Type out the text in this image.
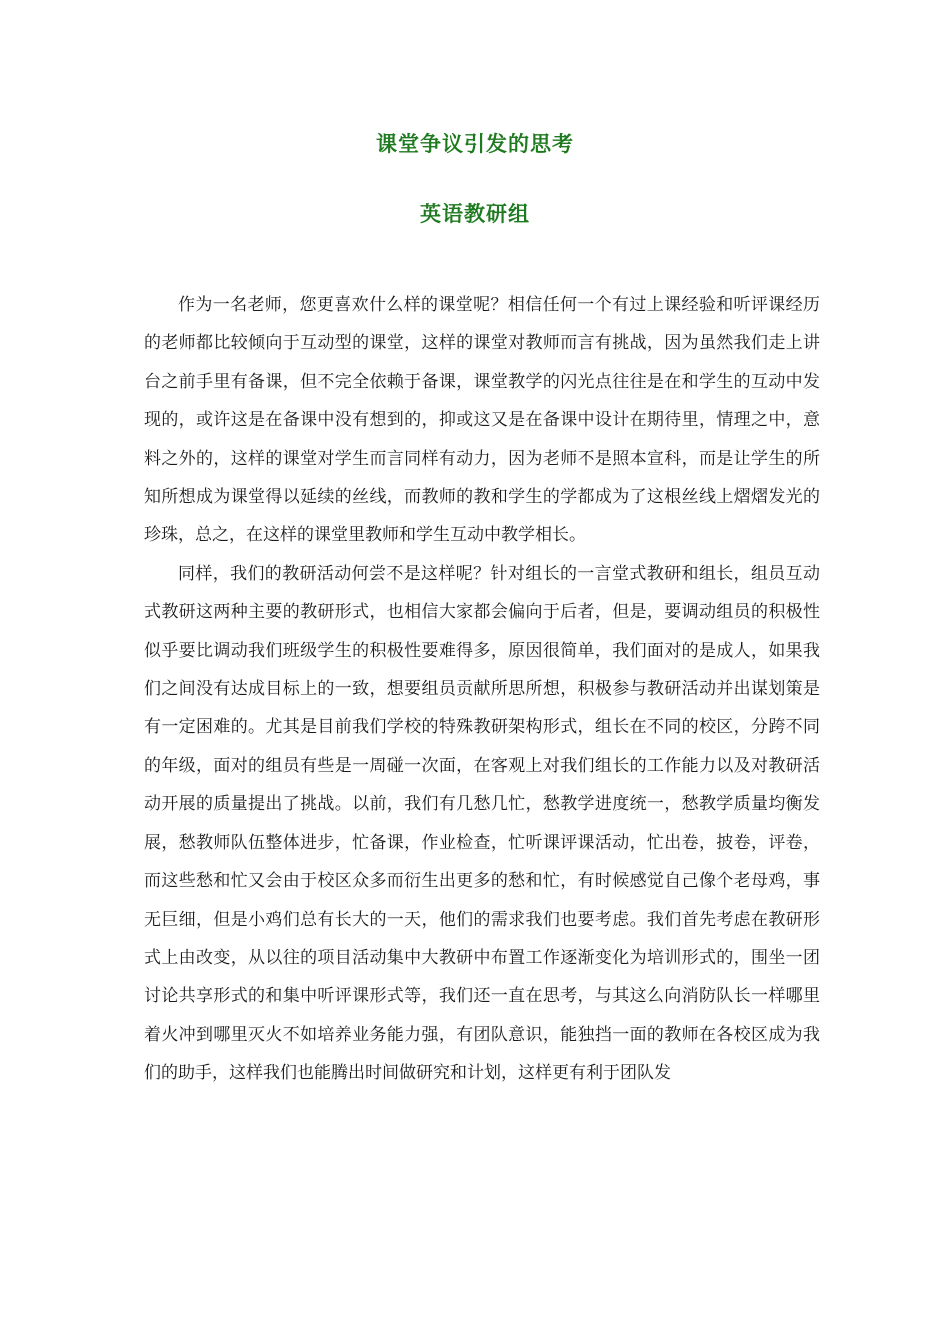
课堂争议引发的思考
英语教研组

作为一名老师，您更喜欢什么样的课堂呢？相信任何一个有过上课经验和听评课经历的老师都比较倾向于互动型的课堂，这样的课堂对教师而言有挑战，因为虽然我们走上讲台之前手里有备课，但不完全依赖于备课，课堂教学的闪光点往往是在和学生的互动中发现的，或许这是在备课中没有想到的，抑或这又是在备课中设计在期待里，情理之中，意料之外的，这样的课堂对学生而言同样有动力，因为老师不是照本宣科，而是让学生的所知所想成为课堂得以延续的丝线，而教师的教和学生的学都成为了这根丝线上熠熠发光的珍珠，总之，在这样的课堂里教师和学生互动中教学相长。

同样，我们的教研活动何尝不是这样呢？针对组长的一言堂式教研和组长，组员互动式教研这两种主要的教研形式，也相信大家都会偏向于后者，但是，要调动组员的积极性似乎要比调动我们班级学生的积极性要难得多，原因很简单，我们面对的是成人，如果我们之间没有达成目标上的一致，想要组员贡献所思所想，积极参与教研活动并出谋划策是有一定困难的。尤其是目前我们学校的特殊教研架构形式，组长在不同的校区，分跨不同的年级，面对的组员有些是一周碰一次面，在客观上对我们组长的工作能力以及对教研活动开展的质量提出了挑战。以前，我们有几愁几忙，愁教学进度统一，愁教学质量均衡发展，愁教师队伍整体进步，忙备课，作业检查，忙听课评课活动，忙出卷，披卷，评卷，而这些愁和忙又会由于校区众多而衍生出更多的愁和忙，有时候感觉自己像个老母鸡，事无巨细，但是小鸡们总有长大的一天，他们的需求我们也要考虑。我们首先考虑在教研形式上由改变，从以往的项目活动集中大教研中布置工作逐渐变化为培训形式的，围坐一团讨论共享形式的和集中听评课形式等，我们还一直在思考，与其这么向消防队长一样哪里着火冲到哪里灭火不如培养业务能力强，有团队意识，能独挡一面的教师在各校区成为我们的助手，这样我们也能腾出时间做研究和计划，这样更有利于团队发
